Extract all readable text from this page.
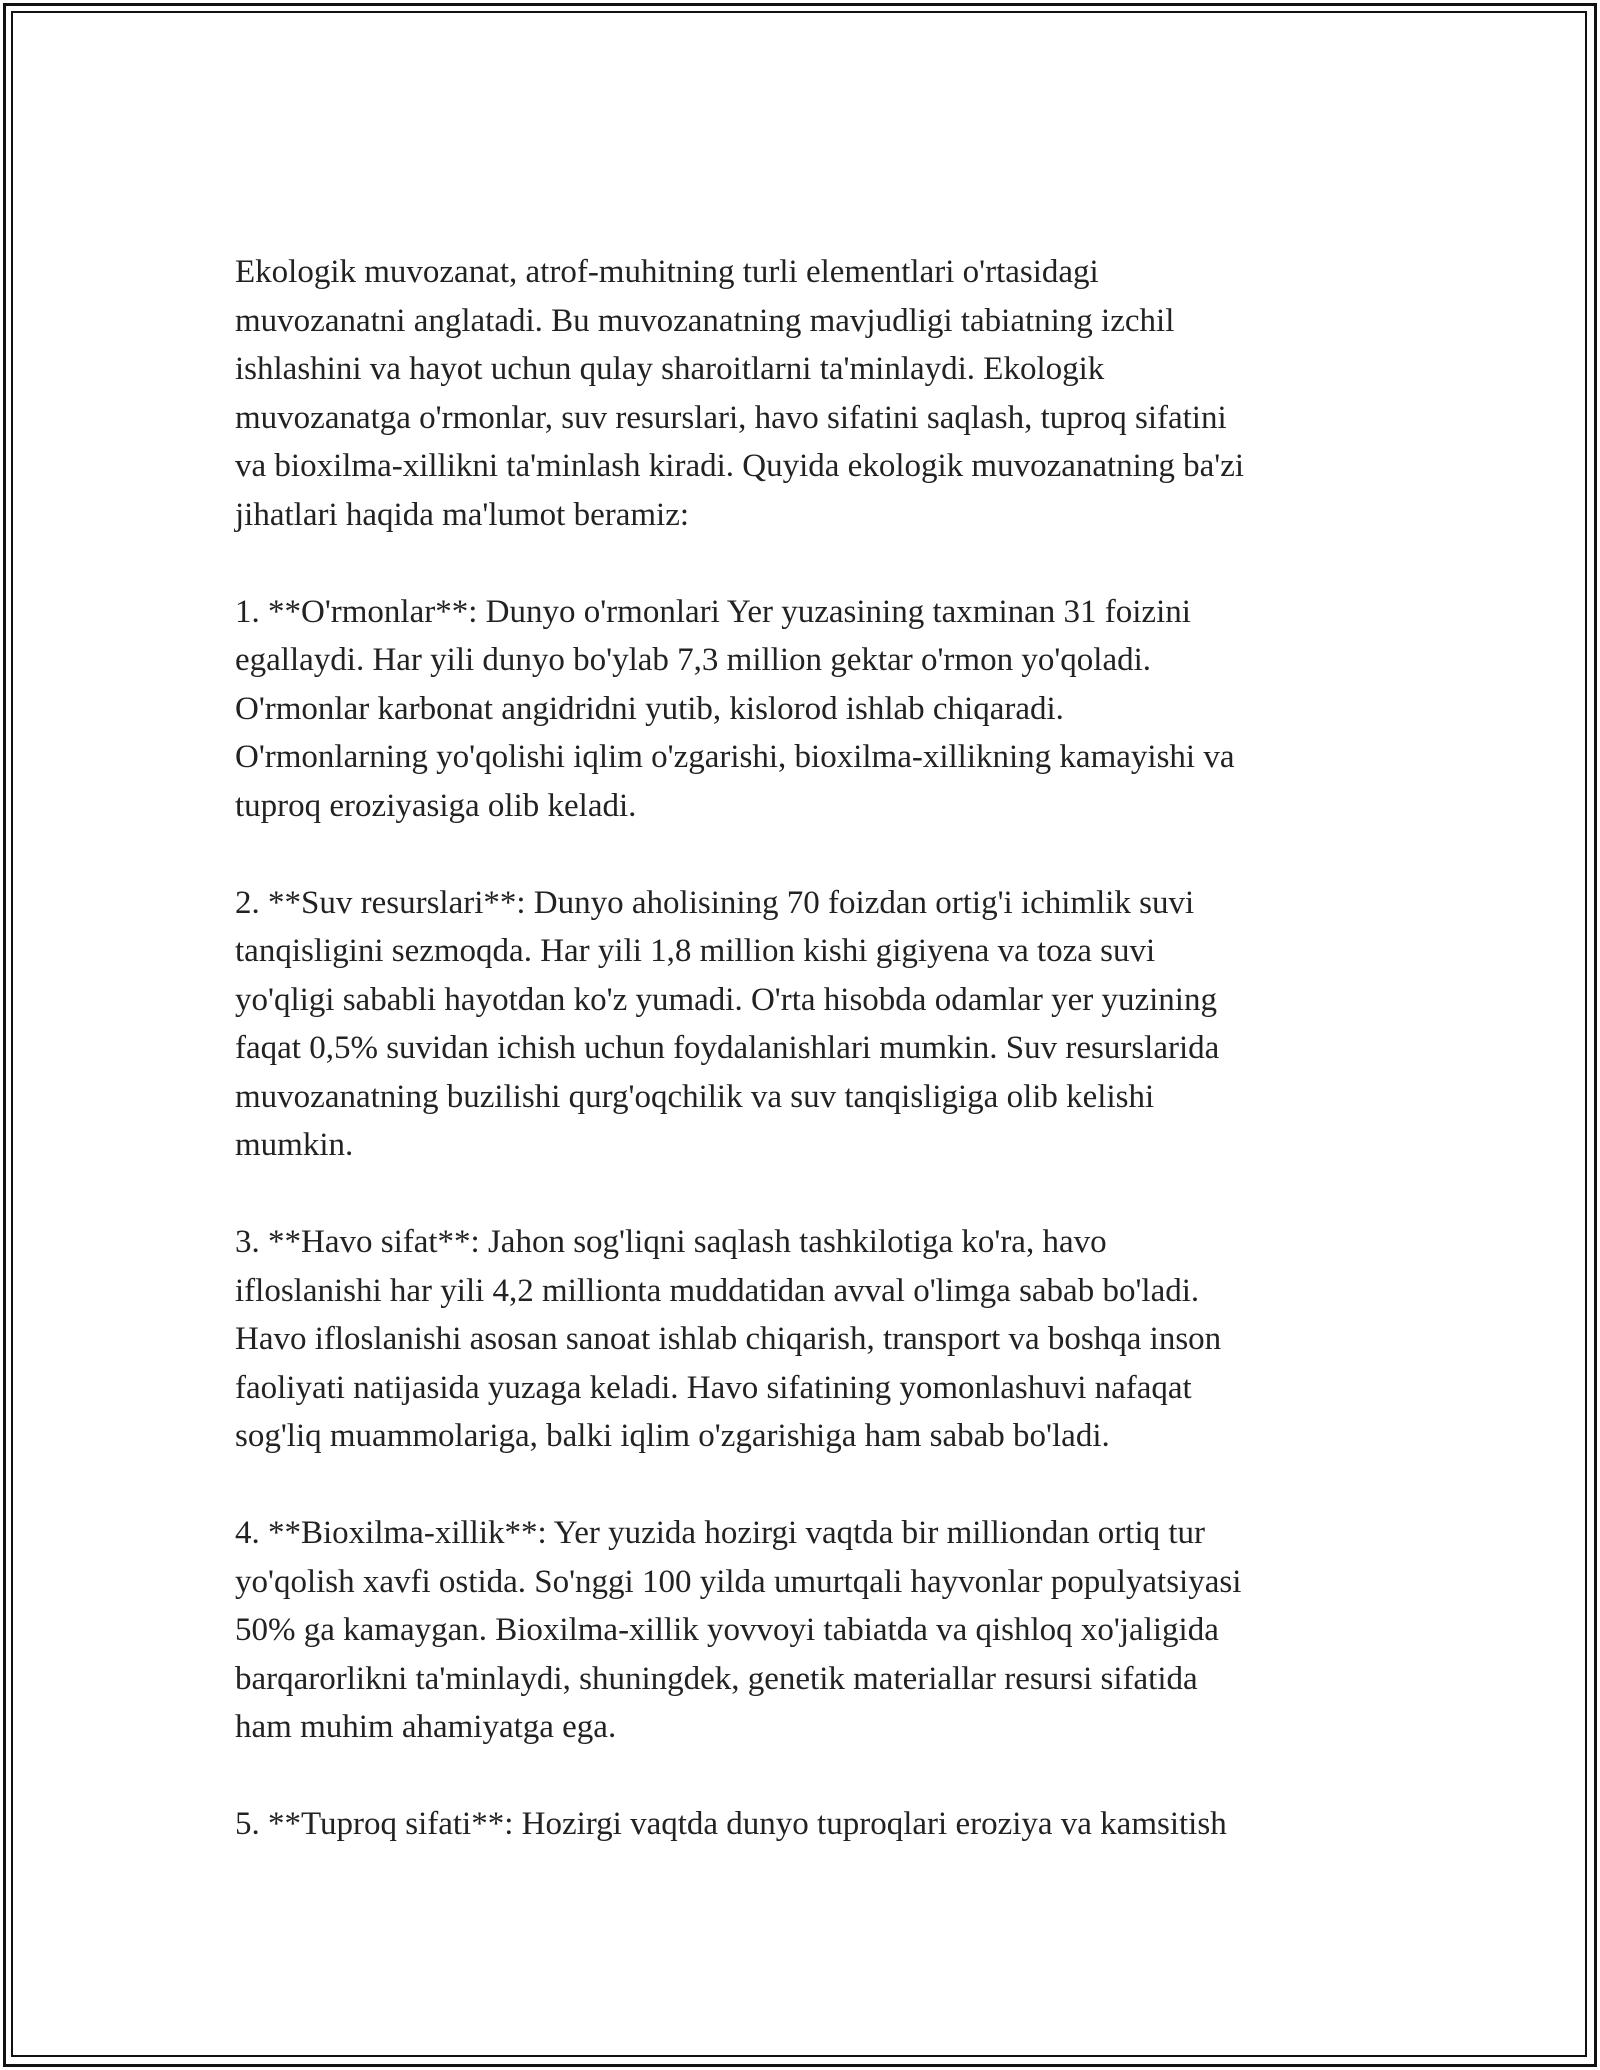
Ekologik muvozanat, atrof-muhitning turli elementlari o'rtasidagi
muvozanatni anglatadi. Bu muvozanatning mavjudligi tabiatning izchil
ishlashini va hayot uchun qulay sharoitlarni ta'minlaydi. Ekologik
muvozanatga o'rmonlar, suv resurslari, havo sifatini saqlash, tuproq sifatini
va bioxilma-xillikni ta'minlash kiradi. Quyida ekologik muvozanatning ba'zi
jihatlari haqida ma'lumot beramiz:

1. **O'rmonlar**: Dunyo o'rmonlari Yer yuzasining taxminan 31 foizini
egallaydi. Har yili dunyo bo'ylab 7,3 million gektar o'rmon yo'qoladi.
O'rmonlar karbonat angidridni yutib, kislorod ishlab chiqaradi.
O'rmonlarning yo'qolishi iqlim o'zgarishi, bioxilma-xillikning kamayishi va
tuproq eroziyasiga olib keladi.

2. **Suv resurslari**: Dunyo aholisining 70 foizdan ortig'i ichimlik suvi
tanqisligini sezmoqda. Har yili 1,8 million kishi gigiyena va toza suvi
yo'qligi sababli hayotdan ko'z yumadi. O'rta hisobda odamlar yer yuzining
faqat 0,5% suvidan ichish uchun foydalanishlari mumkin. Suv resurslarida
muvozanatning buzilishi qurg'oqchilik va suv tanqisligiga olib kelishi
mumkin.

3. **Havo sifat**: Jahon sog'liqni saqlash tashkilotiga ko'ra, havo
ifloslanishi har yili 4,2 millionta muddatidan avval o'limga sabab bo'ladi.
Havo ifloslanishi asosan sanoat ishlab chiqarish, transport va boshqa inson
faoliyati natijasida yuzaga keladi. Havo sifatining yomonlashuvi nafaqat
sog'liq muammolariga, balki iqlim o'zgarishiga ham sabab bo'ladi.

4. **Bioxilma-xillik**: Yer yuzida hozirgi vaqtda bir milliondan ortiq tur
yo'qolish xavfi ostida. So'nggi 100 yilda umurtqali hayvonlar populyatsiyasi
50% ga kamaygan. Bioxilma-xillik yovvoyi tabiatda va qishloq xo'jaligida
barqarorlikni ta'minlaydi, shuningdek, genetik materiallar resursi sifatida
ham muhim ahamiyatga ega.

5. **Tuproq sifati**: Hozirgi vaqtda dunyo tuproqlari eroziya va kamsitish
